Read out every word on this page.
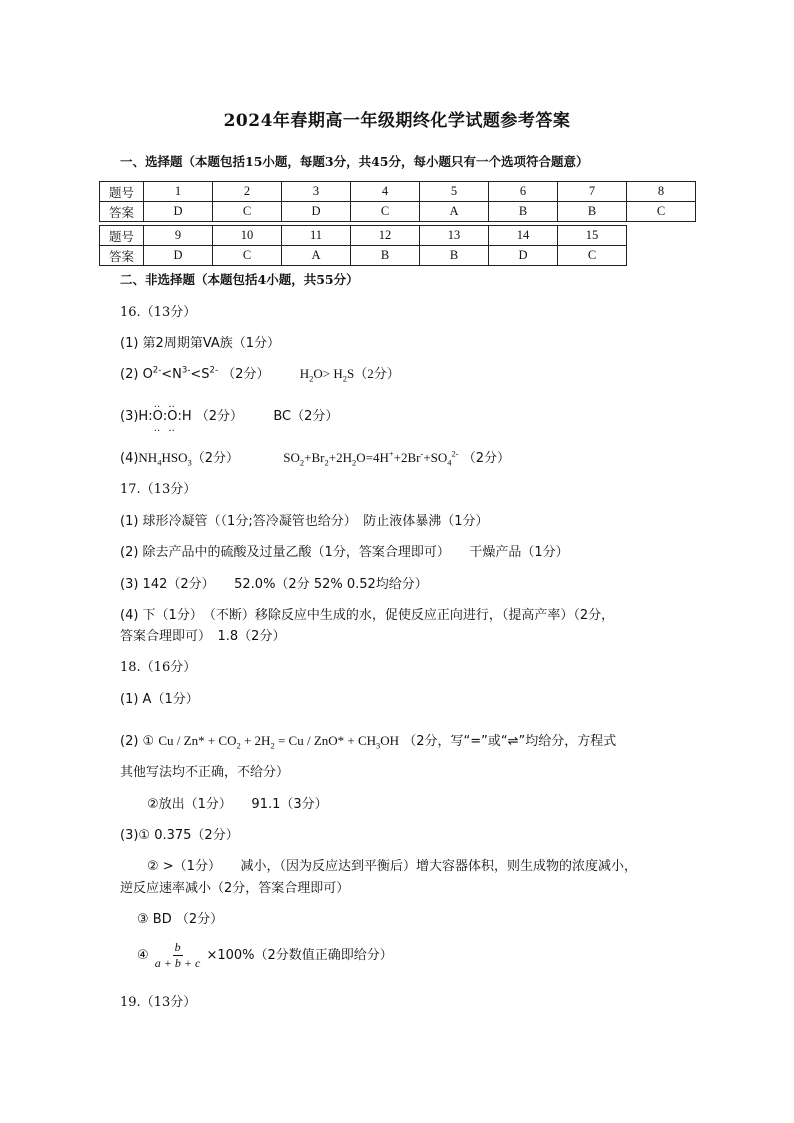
2024年春期高一年级期终化学试题参考答案
一、选择题（本题包括15小题，每题3分，共45分，每小题只有一个选项符合题意）
题号	1	2	3	4	5	6	7	8
答案	D	C	D	C	A	B	B	C
题号	9	10	11	12	13	14	15
答案	D	C	A	B	B	D	C
二、非选择题（本题包括4小题，共55分）
16.（13分）
(1) 第2周期第VA族（1分）
(2) $O^{2-}<N^{3-}<S^{2-}$ （2分） $H_2O> H_2S(2$分）
(3)H:‥ O ‥:‥ O ‥:H （2分） BC（2分）
$(4)NH_4HSO_3(2$分）	$SO_2+Br_2+2H_2O=4H^++2Br^-+SO_4^{2-}$ （2分）
17.（13分）
(1) 球形冷凝管（（1分;答冷凝管也给分）　防止液体暴沸（1分）
(2) 除去产品中的硫酸及过量乙酸（1分，答案合理即可）　　干燥产品（1分）
(3) 142（2分）　　52.0%（2分 52% 0.52均给分）
(4) 下（1分）　（不断）移除反应中生成的水，促使反应正向进行，（提高产率）（2分，
答案合理即可）　1.8（2分）
18.（16分）
(1) A（1分）
(2) ① $Cu / Zn* + CO_2 + 2H_2 = Cu / ZnO* + CH_3OH$ （2分，写“=”或“⇌”均给分，方程式
其他写法均不正确，不给分）
②放出（1分）　　91.1（3分）
(3)① 0.375（2分）
② >（1分）　　减小，（因为反应达到平衡后）增大容器体积，则生成物的浓度减小，
逆反应速率减小（2分，答案合理即可）
③ BD （2分）
④ $\frac{b}{a + b + c} \times 100\%(2$分数值正确即给分）
19.（13分）
